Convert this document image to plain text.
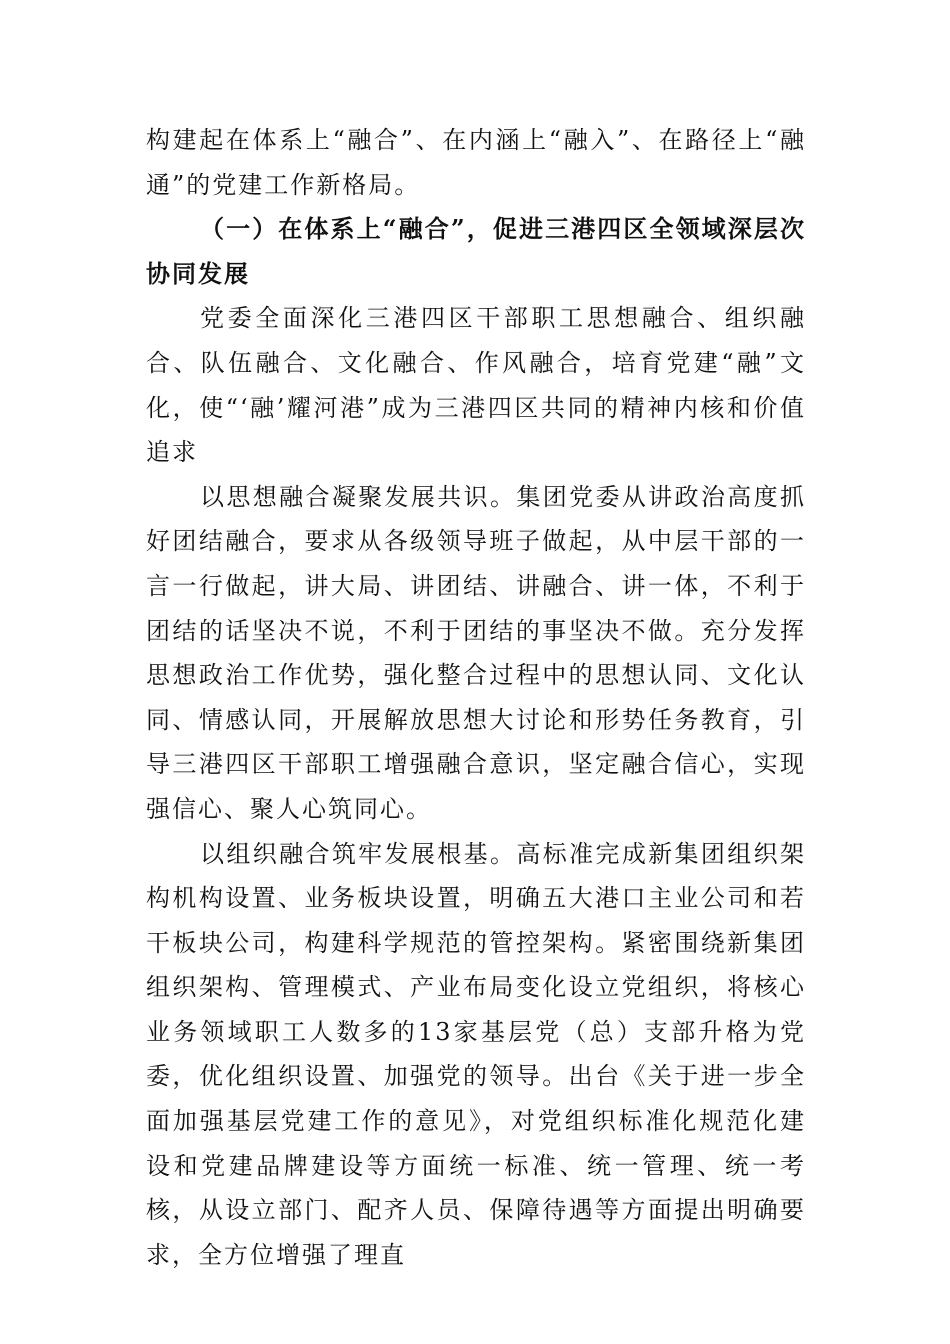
构建起在体系上“融合”、在内涵上“融入”、在路径上“融通”的党建工作新格局。

（一）在体系上“融合”，促进三港四区全领域深层次协同发展

党委全面深化三港四区干部职工思想融合、组织融合、队伍融合、文化融合、作风融合，培育党建“融”文化，使“‘融’耀河港”成为三港四区共同的精神内核和价值追求

以思想融合凝聚发展共识。集团党委从讲政治高度抓好团结融合，要求从各级领导班子做起，从中层干部的一言一行做起，讲大局、讲团结、讲融合、讲一体，不利于团结的话坚决不说，不利于团结的事坚决不做。充分发挥思想政治工作优势，强化整合过程中的思想认同、文化认同、情感认同，开展解放思想大讨论和形势任务教育，引导三港四区干部职工增强融合意识，坚定融合信心，实现强信心、聚人心筑同心。

以组织融合筑牢发展根基。高标准完成新集团组织架构机构设置、业务板块设置，明确五大港口主业公司和若干板块公司，构建科学规范的管控架构。紧密围绕新集团组织架构、管理模式、产业布局变化设立党组织，将核心业务领域职工人数多的13家基层党（总）支部升格为党委，优化组织设置、加强党的领导。出台《关于进一步全面加强基层党建工作的意见》，对党组织标准化规范化建设和党建品牌建设等方面统一标准、统一管理、统一考核，从设立部门、配齐人员、保障待遇等方面提出明确要求，全方位增强了理直
